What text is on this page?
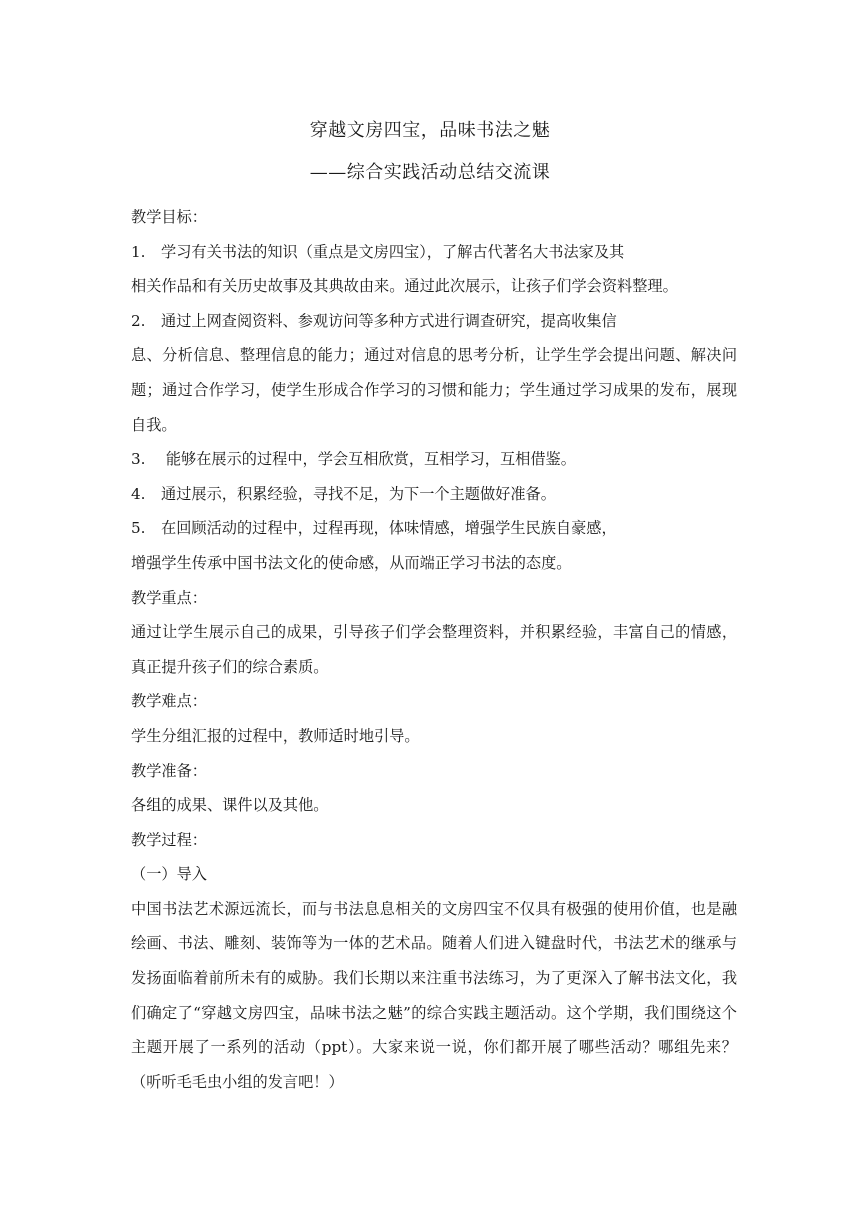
穿越文房四宝，品味书法之魅
——综合实践活动总结交流课

教学目标：

1. 学习有关书法的知识（重点是文房四宝），了解古代著名大书法家及其

相关作品和有关历史故事及其典故由来。通过此次展示，让孩子们学会资料整理。

2. 通过上网查阅资料、参观访问等多种方式进行调查研究，提高收集信

息、分析信息、整理信息的能力；通过对信息的思考分析，让学生学会提出问题、解决问题；通过合作学习，使学生形成合作学习的习惯和能力；学生通过学习成果的发布，展现自我。

3. 能够在展示的过程中，学会互相欣赏，互相学习，互相借鉴。

4. 通过展示，积累经验，寻找不足，为下一个主题做好准备。

5. 在回顾活动的过程中，过程再现，体味情感，增强学生民族自豪感，

增强学生传承中国书法文化的使命感，从而端正学习书法的态度。

教学重点：

通过让学生展示自己的成果，引导孩子们学会整理资料，并积累经验，丰富自己的情感，真正提升孩子们的综合素质。

教学难点：

学生分组汇报的过程中，教师适时地引导。

教学准备：

各组的成果、课件以及其他。

教学过程：

（一）导入

中国书法艺术源远流长，而与书法息息相关的文房四宝不仅具有极强的使用价值，也是融绘画、书法、雕刻、装饰等为一体的艺术品。随着人们进入键盘时代，书法艺术的继承与发扬面临着前所未有的威胁。我们长期以来注重书法练习，为了更深入了解书法文化，我们确定了“穿越文房四宝，品味书法之魅”的综合实践主题活动。这个学期，我们围绕这个主题开展了一系列的活动（ppt）。大家来说一说，你们都开展了哪些活动？哪组先来？（听听毛毛虫小组的发言吧！）
